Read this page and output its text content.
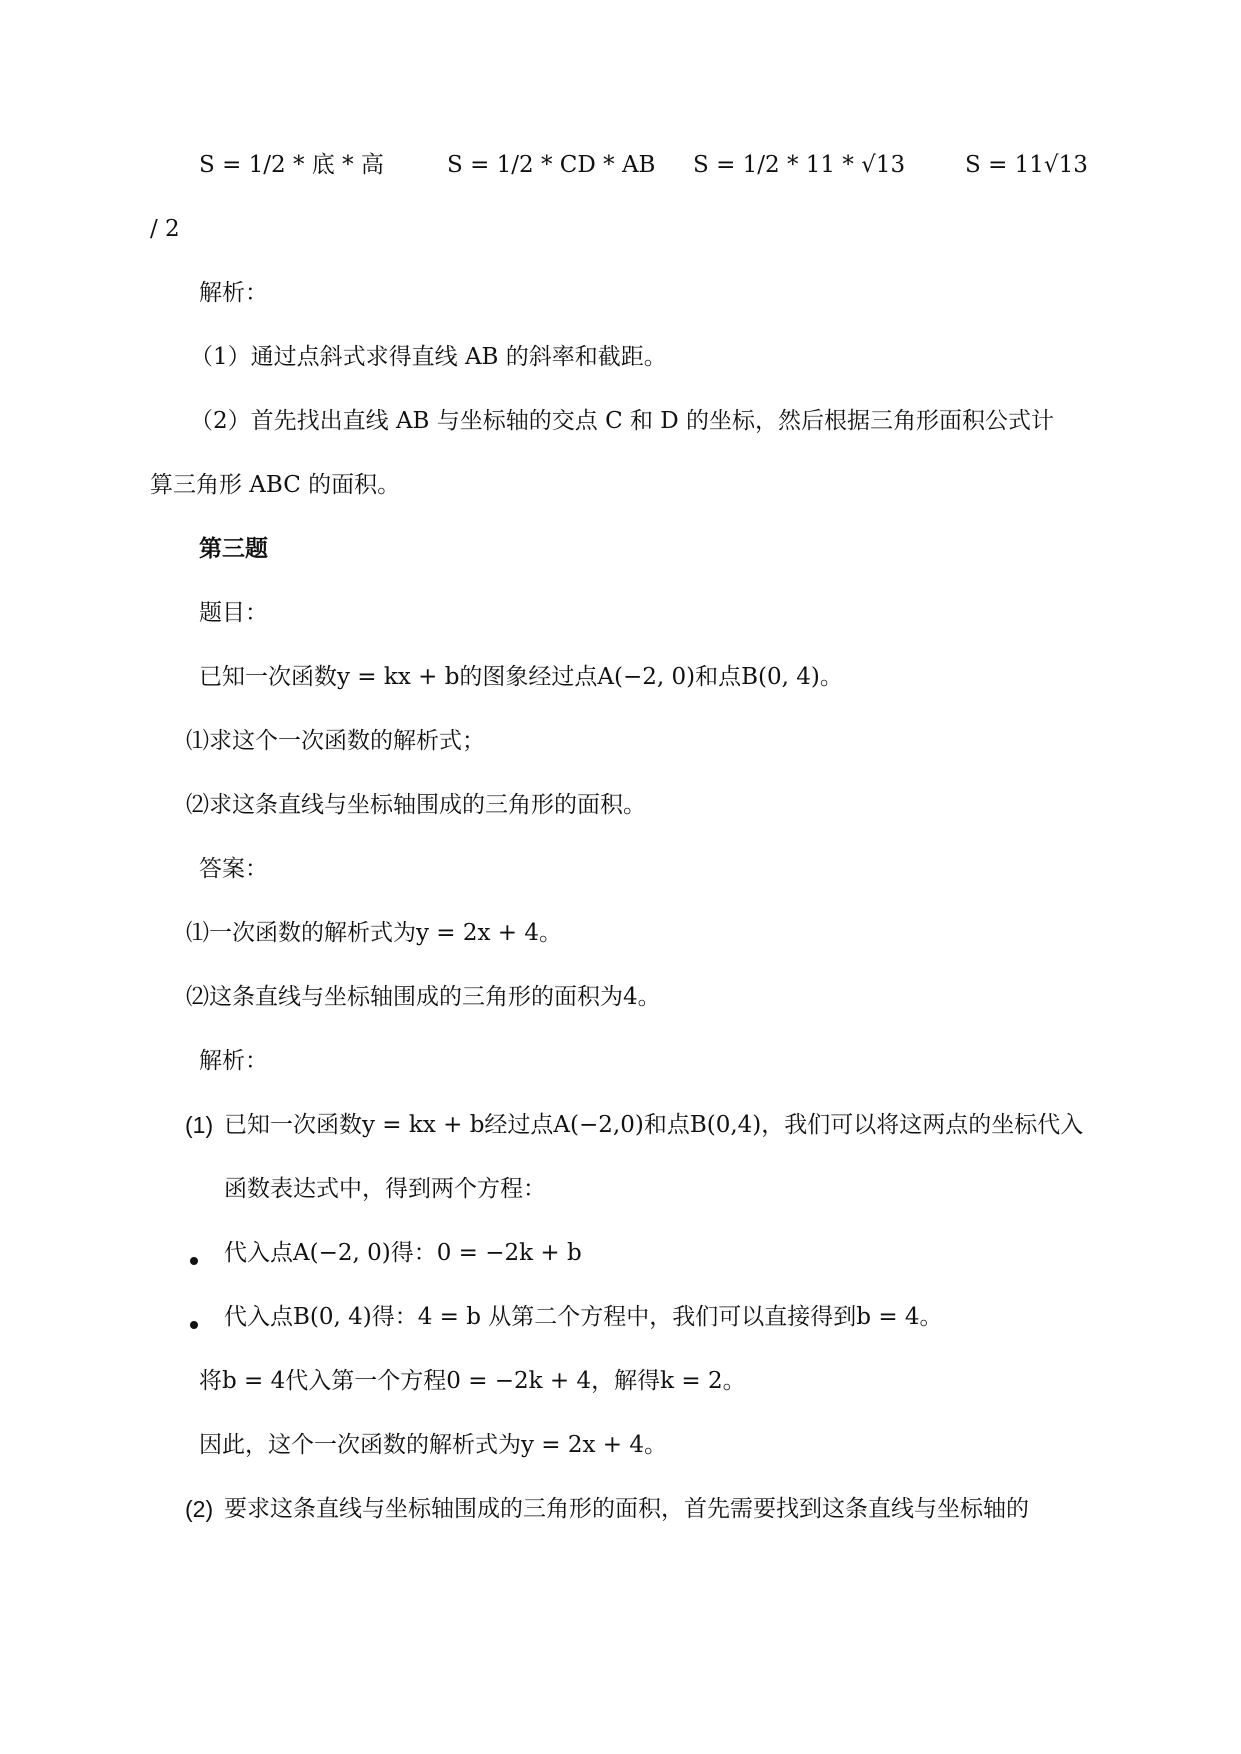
S = 1/2 * 底 * 高	S = 1/2 * CD * AB S = 1/2 * 11 * √13	S = 11√13

/ 2

解析：

（1）通过点斜式求得直线 AB 的斜率和截距。

（2）首先找出直线 AB 与坐标轴的交点 C 和 D 的坐标，然后根据三角形面积公式计

算三角形 ABC 的面积。

第三题

题目：

已知一次函数y = kx + b的图象经过点A(−2, 0)和点B(0, 4)。

⑴求这个一次函数的解析式；

⑵求这条直线与坐标轴围成的三角形的面积。

答案：

⑴一次函数的解析式为y = 2x + 4。

⑵这条直线与坐标轴围成的三角形的面积为4。

解析：

(1) 已知一次函数y = kx + b经过点A(−2,0)和点B(0,4)，我们可以将这两点的坐标代入

函数表达式中，得到两个方程：

代入点A(−2, 0)得：0 = −2k + b

代入点B(0, 4)得：4 = b 从第二个方程中，我们可以直接得到b = 4。

将b = 4代入第一个方程0 = −2k + 4，解得k = 2。

因此，这个一次函数的解析式为y = 2x + 4。

(2) 要求这条直线与坐标轴围成的三角形的面积，首先需要找到这条直线与坐标轴的
